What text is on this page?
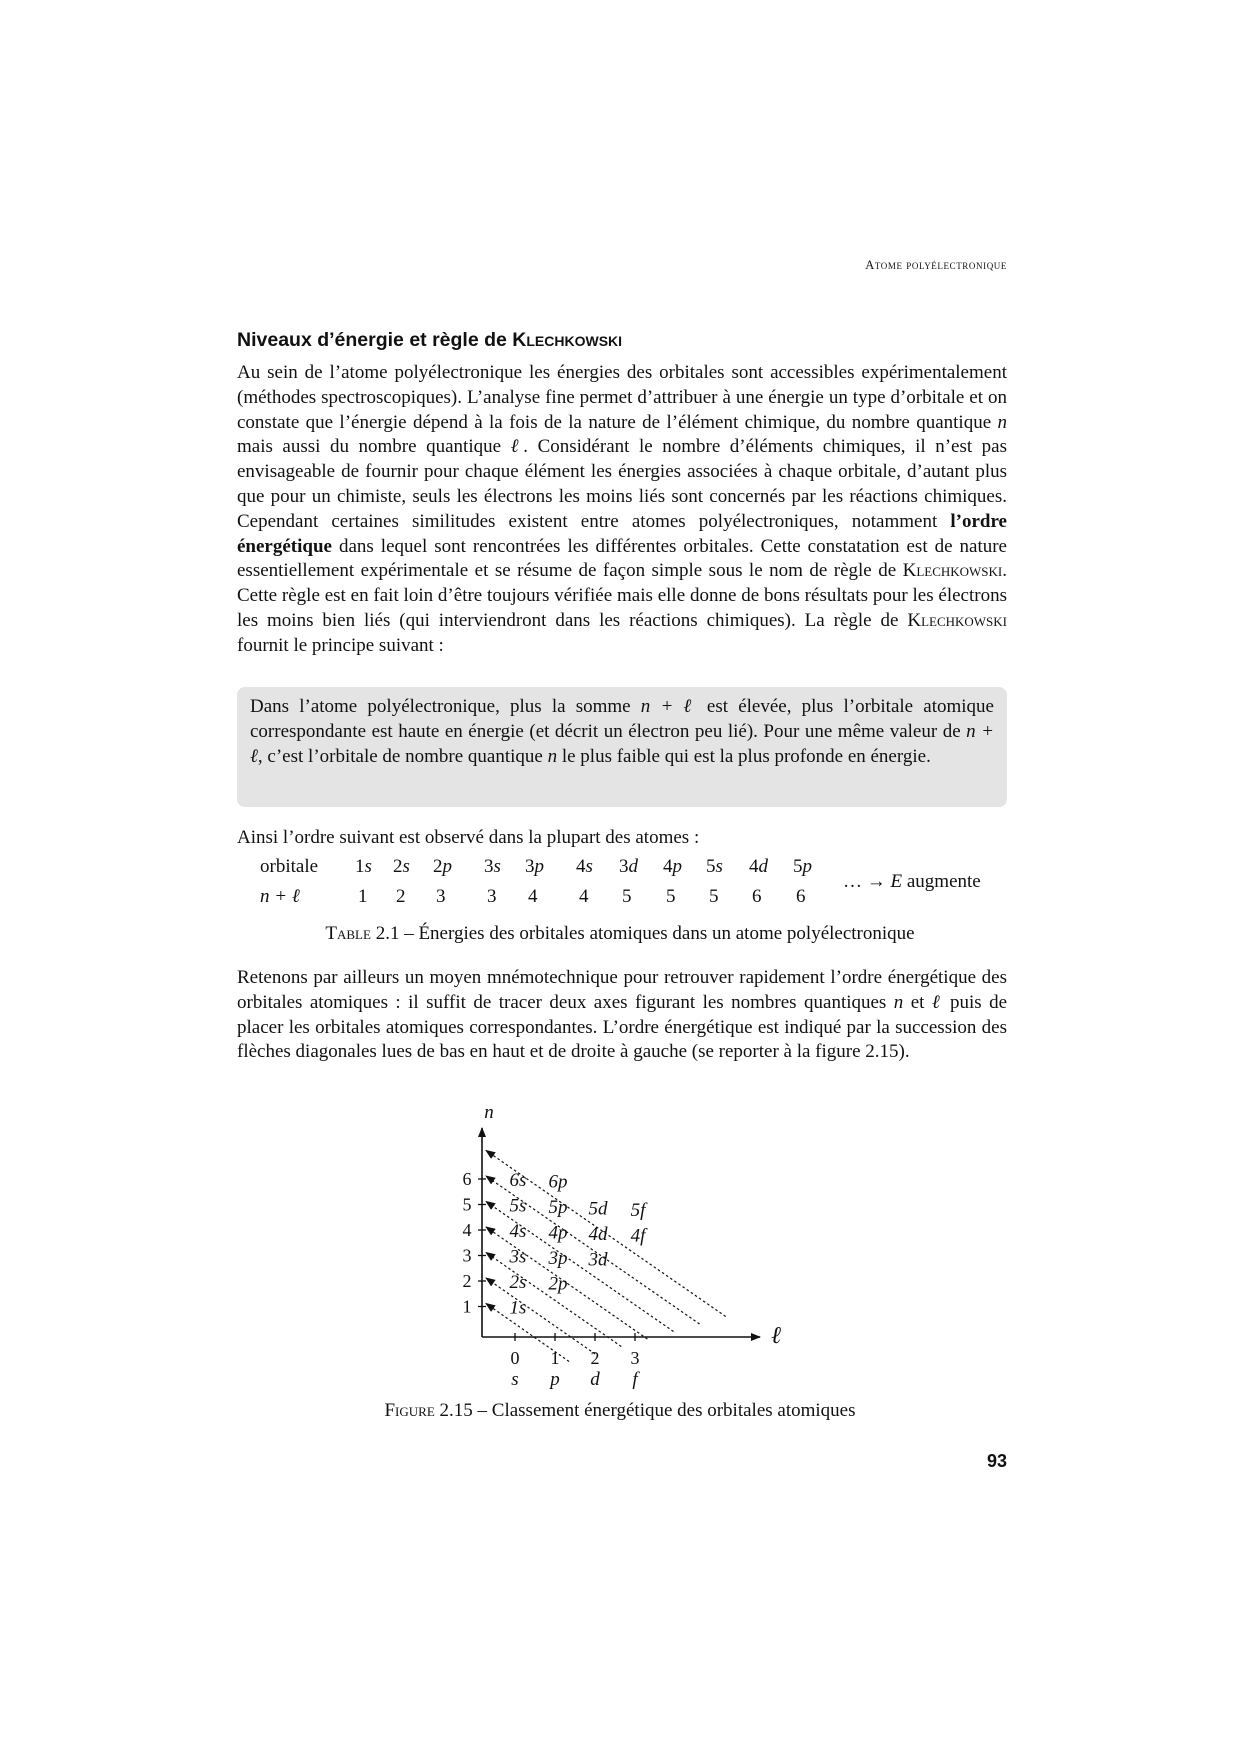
Atome polyélectronique
Niveaux d’énergie et règle de Klechkowski

Au sein de l’atome polyélectronique les énergies des orbitales sont accessibles expérimentalement (méthodes spectroscopiques). L’analyse fine permet d’attribuer à une énergie un type d’orbitale et on constate que l’énergie dépend à la fois de la nature de l’élément chimique, du nombre quantique n mais aussi du nombre quantique ℓ. Considérant le nombre d’éléments chimiques, il n’est pas envisageable de fournir pour chaque élément les énergies associées à chaque orbitale, d’autant plus que pour un chimiste, seuls les électrons les moins liés sont concernés par les réactions chimiques. Cependant certaines similitudes existent entre atomes polyélectroniques, notamment l’ordre énergétique dans lequel sont rencontrées les différentes orbitales. Cette constatation est de nature essentiellement expérimentale et se résume de façon simple sous le nom de règle de Klechkowski. Cette règle est en fait loin d’être toujours vérifiée mais elle donne de bons résultats pour les électrons les moins bien liés (qui interviendront dans les réactions chimiques). La règle de Klechkowski fournit le principe suivant :

Dans l’atome polyélectronique, plus la somme n + ℓ est élevée, plus l’orbitale atomique correspondante est haute en énergie (et décrit un électron peu lié). Pour une même valeur de n + ℓ, c’est l’orbitale de nombre quantique n le plus faible qui est la plus profonde en énergie.

Ainsi l’ordre suivant est observé dans la plupart des atomes :

orbitale
n + ℓ
… → E augmente
1s 2s 2p 3s 3p 4s 3d 4p 5s 4d 5p
1 2 3 3 4 4 5 5 5 6 6
Table 2.1 – Énergies des orbitales atomiques dans un atome polyélectronique

Retenons par ailleurs un moyen mnémotechnique pour retrouver rapidement l’ordre énergétique des orbitales atomiques : il suffit de tracer deux axes figurant les nombres quantiques n et ℓ puis de placer les orbitales atomiques correspondantes. L’ordre énergétique est indiqué par la succession des flèches diagonales lues de bas en haut et de droite à gauche (se reporter à la figure 2.15).

n
ℓ
1
2
3
4
5
6
0
s
1
p
2
d
3
f
1s
2s 2p
3s 3p 3d
4s 4p 4d 4f
5s 5p 5d 5f
6s 6p
Figure 2.15 – Classement énergétique des orbitales atomiques
93
